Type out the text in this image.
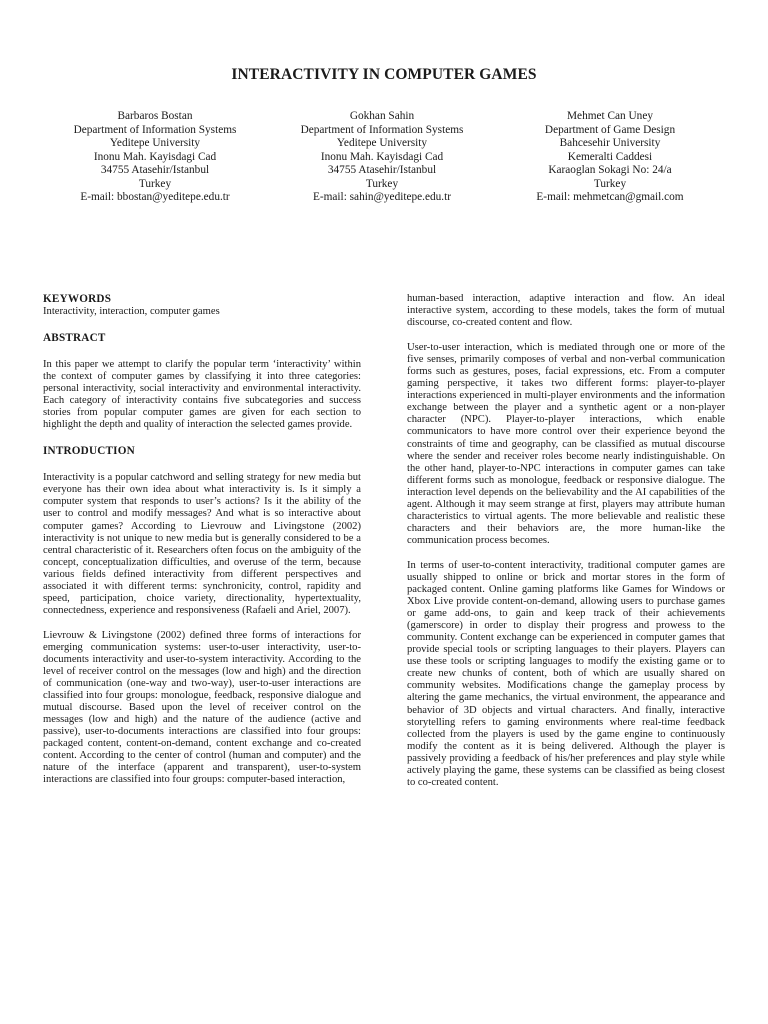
INTERACTIVITY IN COMPUTER GAMES
Barbaros Bostan
Department of Information Systems
Yeditepe University
Inonu Mah. Kayisdagi Cad
34755 Atasehir/Istanbul
Turkey
E-mail: bbostan@yeditepe.edu.tr
Gokhan Sahin
Department of Information Systems
Yeditepe University
Inonu Mah. Kayisdagi Cad
34755 Atasehir/Istanbul
Turkey
E-mail: sahin@yeditepe.edu.tr
Mehmet Can Uney
Department of Game Design
Bahcesehir University
Kemeralti Caddesi
Karaoglan Sokagi No: 24/a
Turkey
E-mail: mehmetcan@gmail.com
KEYWORDS

Interactivity, interaction, computer games

ABSTRACT

In this paper we attempt to clarify the popular term ‘interactivity’ within the context of computer games by classifying it into three categories: personal interactivity, social interactivity and environmental interactivity. Each category of interactivity contains five subcategories and success stories from popular computer games are given for each section to highlight the depth and quality of interaction the selected games provide.

INTRODUCTION

Interactivity is a popular catchword and selling strategy for new media but everyone has their own idea about what interactivity is. Is it simply a computer system that responds to user’s actions? Is it the ability of the user to control and modify messages? And what is so interactive about computer games? According to Lievrouw and Livingstone (2002) interactivity is not unique to new media but is generally considered to be a central characteristic of it. Researchers often focus on the ambiguity of the concept, conceptualization difficulties, and overuse of the term, because various fields defined interactivity from different perspectives and associated it with different terms: synchronicity, control, rapidity and speed, participation, choice variety, directionality, hypertextuality, connectedness, experience and responsiveness (Rafaeli and Ariel, 2007).

Lievrouw & Livingstone (2002) defined three forms of interactions for emerging communication systems: user-to-user interactivity, user-to-documents interactivity and user-to-system interactivity. According to the level of receiver control on the messages (low and high) and the direction of communication (one-way and two-way), user-to-user interactions are classified into four groups: monologue, feedback, responsive dialogue and mutual discourse. Based upon the level of receiver control on the messages (low and high) and the nature of the audience (active and passive), user-to-documents interactions are classified into four groups: packaged content, content-on-demand, content exchange and co-created content. According to the center of control (human and computer) and the nature of the interface (apparent and transparent), user-to-system interactions are classified into four groups: computer-based interaction,

human-based interaction, adaptive interaction and flow. An ideal interactive system, according to these models, takes the form of mutual discourse, co-created content and flow.

User-to-user interaction, which is mediated through one or more of the five senses, primarily composes of verbal and non-verbal communication forms such as gestures, poses, facial expressions, etc. From a computer gaming perspective, it takes two different forms: player-to-player interactions experienced in multi-player environments and the information exchange between the player and a synthetic agent or a non-player character (NPC). Player-to-player interactions, which enable communicators to have more control over their experience beyond the constraints of time and geography, can be classified as mutual discourse where the sender and receiver roles become nearly indistinguishable. On the other hand, player-to-NPC interactions in computer games can take different forms such as monologue, feedback or responsive dialogue. The interaction level depends on the believability and the AI capabilities of the agent. Although it may seem strange at first, players may attribute human characteristics to virtual agents. The more believable and realistic these characters and their behaviors are, the more human-like the communication process becomes.

In terms of user-to-content interactivity, traditional computer games are usually shipped to online or brick and mortar stores in the form of packaged content. Online gaming platforms like Games for Windows or Xbox Live provide content-on-demand, allowing users to purchase games or game add-ons, to gain and keep track of their achievements (gamerscore) in order to display their progress and prowess to the community. Content exchange can be experienced in computer games that provide special tools or scripting languages to their players. Players can use these tools or scripting languages to modify the existing game or to create new chunks of content, both of which are usually shared on community websites. Modifications change the gameplay process by altering the game mechanics, the virtual environment, the appearance and behavior of 3D objects and virtual characters. And finally, interactive storytelling refers to gaming environments where real-time feedback collected from the players is used by the game engine to continuously modify the content as it is being delivered. Although the player is passively providing a feedback of his/her preferences and play style while actively playing the game, these systems can be classified as being closest to co-created content.
